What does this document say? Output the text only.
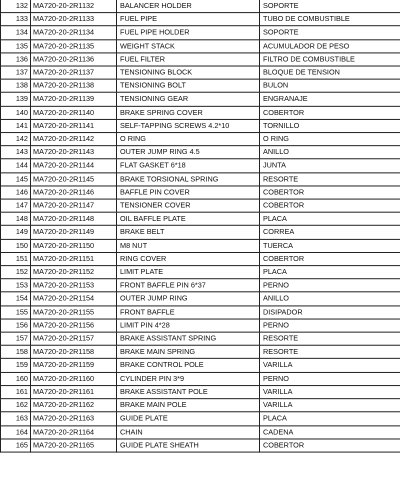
132	MA720-20-2R1132	BALANCER HOLDER	SOPORTE
133	MA720-20-2R1133	FUEL PIPE	TUBO DE COMBUSTIBLE
134	MA720-20-2R1134	FUEL PIPE HOLDER	SOPORTE
135	MA720-20-2R1135	WEIGHT STACK	ACUMULADOR DE PESO
136	MA720-20-2R1136	FUEL FILTER	FILTRO DE COMBUSTIBLE
137	MA720-20-2R1137	TENSIONING BLOCK	BLOQUE DE TENSION
138	MA720-20-2R1138	TENSIONING BOLT	BULON
139	MA720-20-2R1139	TENSIONING GEAR	ENGRANAJE
140	MA720-20-2R1140	BRAKE SPRING COVER	COBERTOR
141	MA720-20-2R1141	SELF-TAPPING SCREWS 4.2*10	TORNILLO
142	MA720-20-2R1142	O RING	O RING
143	MA720-20-2R1143	OUTER JUMP RING 4.5	ANILLO
144	MA720-20-2R1144	FLAT GASKET 6*18	JUNTA
145	MA720-20-2R1145	BRAKE TORSIONAL SPRING	RESORTE
146	MA720-20-2R1146	BAFFLE PIN COVER	COBERTOR
147	MA720-20-2R1147	TENSIONER COVER	COBERTOR
148	MA720-20-2R1148	OIL BAFFLE PLATE	PLACA
149	MA720-20-2R1149	BRAKE BELT	CORREA
150	MA720-20-2R1150	M8 NUT	TUERCA
151	MA720-20-2R1151	RING COVER	COBERTOR
152	MA720-20-2R1152	LIMIT PLATE	PLACA
153	MA720-20-2R1153	FRONT BAFFLE PIN 6*37	PERNO
154	MA720-20-2R1154	OUTER JUMP RING	ANILLO
155	MA720-20-2R1155	FRONT BAFFLE	DISIPADOR
156	MA720-20-2R1156	LIMIT PIN 4*28	PERNO
157	MA720-20-2R1157	BRAKE ASSISTANT SPRING	RESORTE
158	MA720-20-2R1158	BRAKE MAIN SPRING	RESORTE
159	MA720-20-2R1159	BRAKE CONTROL POLE	VARILLA
160	MA720-20-2R1160	CYLINDER PIN 3*9	PERNO
161	MA720-20-2R1161	BRAKE ASSISTANT POLE	VARILLA
162	MA720-20-2R1162	BRAKE MAIN POLE	VARILLA
163	MA720-20-2R1163	GUIDE PLATE	PLACA
164	MA720-20-2R1164	CHAIN	CADENA
165	MA720-20-2R1165	GUIDE PLATE SHEATH	COBERTOR
